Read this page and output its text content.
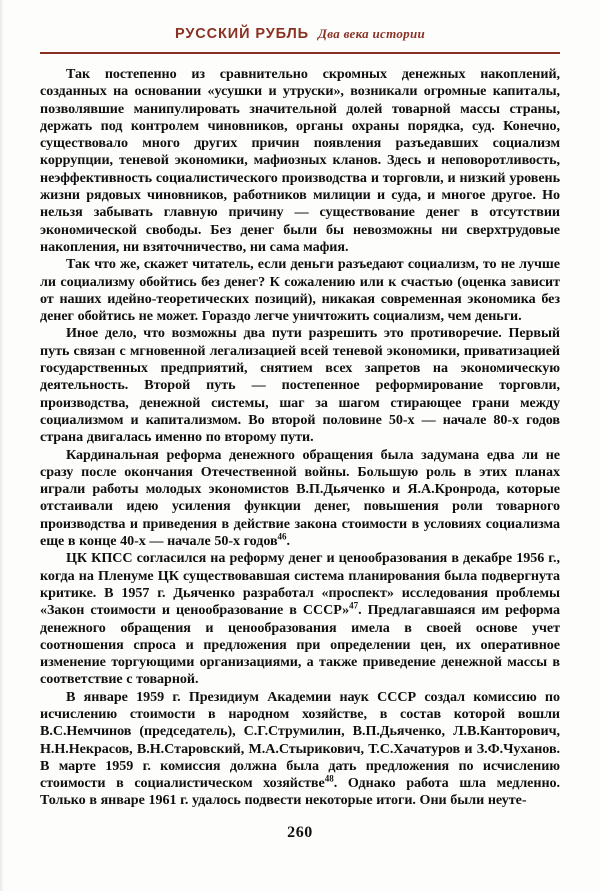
РУССКИЙ РУБЛЬ Два века истории

Так постепенно из сравнительно скромных денежных накоплений, созданных на основании «усушки и утруски», возникали огромные капиталы, позволявшие манипулировать значительной долей товарной массы страны, держать под контролем чиновников, органы охраны порядка, суд. Конечно, существовало много других причин появления разъедавших социализм коррупции, теневой экономики, мафиозных кланов. Здесь и неповоротливость, неэффективность социалистического производства и торговли, и низкий уровень жизни рядовых чиновников, работников милиции и суда, и многое другое. Но нельзя забывать главную причину — существование денег в отсутствии экономической свободы. Без денег были бы невозможны ни сверхтрудовые накопления, ни взяточничество, ни сама мафия.

Так что же, скажет читатель, если деньги разъедают социализм, то не лучше ли социализму обойтись без денег? К сожалению или к счастью (оценка зависит от наших идейно-теоретических позиций), никакая современная экономика без денег обойтись не может. Гораздо легче уничтожить социализм, чем деньги.

Иное дело, что возможны два пути разрешить это противоречие. Первый путь связан с мгновенной легализацией всей теневой экономики, приватизацией государственных предприятий, снятием всех запретов на экономическую деятельность. Второй путь — постепенное реформирование торговли, производства, денежной системы, шаг за шагом стирающее грани между социализмом и капитализмом. Во второй половине 50-х — начале 80-х годов страна двигалась именно по второму пути.

Кардинальная реформа денежного обращения была задумана едва ли не сразу после окончания Отечественной войны. Большую роль в этих планах играли работы молодых экономистов В.П.Дьяченко и Я.А.Кронрода, которые отстаивали идею усиления функции денег, повышения роли товарного производства и приведения в действие закона стоимости в условиях социализма еще в конце 40-х — начале 50-х годов$^{46}$.

ЦК КПСС согласился на реформу денег и ценообразования в декабре 1956 г., когда на Пленуме ЦК существовавшая система планирования была подвергнута критике. В 1957 г. Дьяченко разработал «проспект» исследования проблемы «Закон стоимости и ценообразование в СССР»$^{47}$. Предлагавшаяся им реформа денежного обращения и ценообразования имела в своей основе учет соотношения спроса и предложения при определении цен, их оперативное изменение торгующими организациями, а также приведение денежной массы в соответствие с товарной.

В январе 1959 г. Президиум Академии наук СССР создал комиссию по исчислению стоимости в народном хозяйстве, в состав которой вошли В.С.Немчинов (председатель), С.Г.Струмилин, В.П.Дьяченко, Л.В.Канторович, Н.Н.Некрасов, В.Н.Старовский, М.А.Стырикович, Т.С.Хачатуров и З.Ф.Чуханов. В марте 1959 г. комиссия должна была дать предложения по исчислению стоимости в социалистическом хозяйстве$^{48}$. Однако работа шла медленно. Только в январе 1961 г. удалось подвести некоторые итоги. Они были неуте-

260
